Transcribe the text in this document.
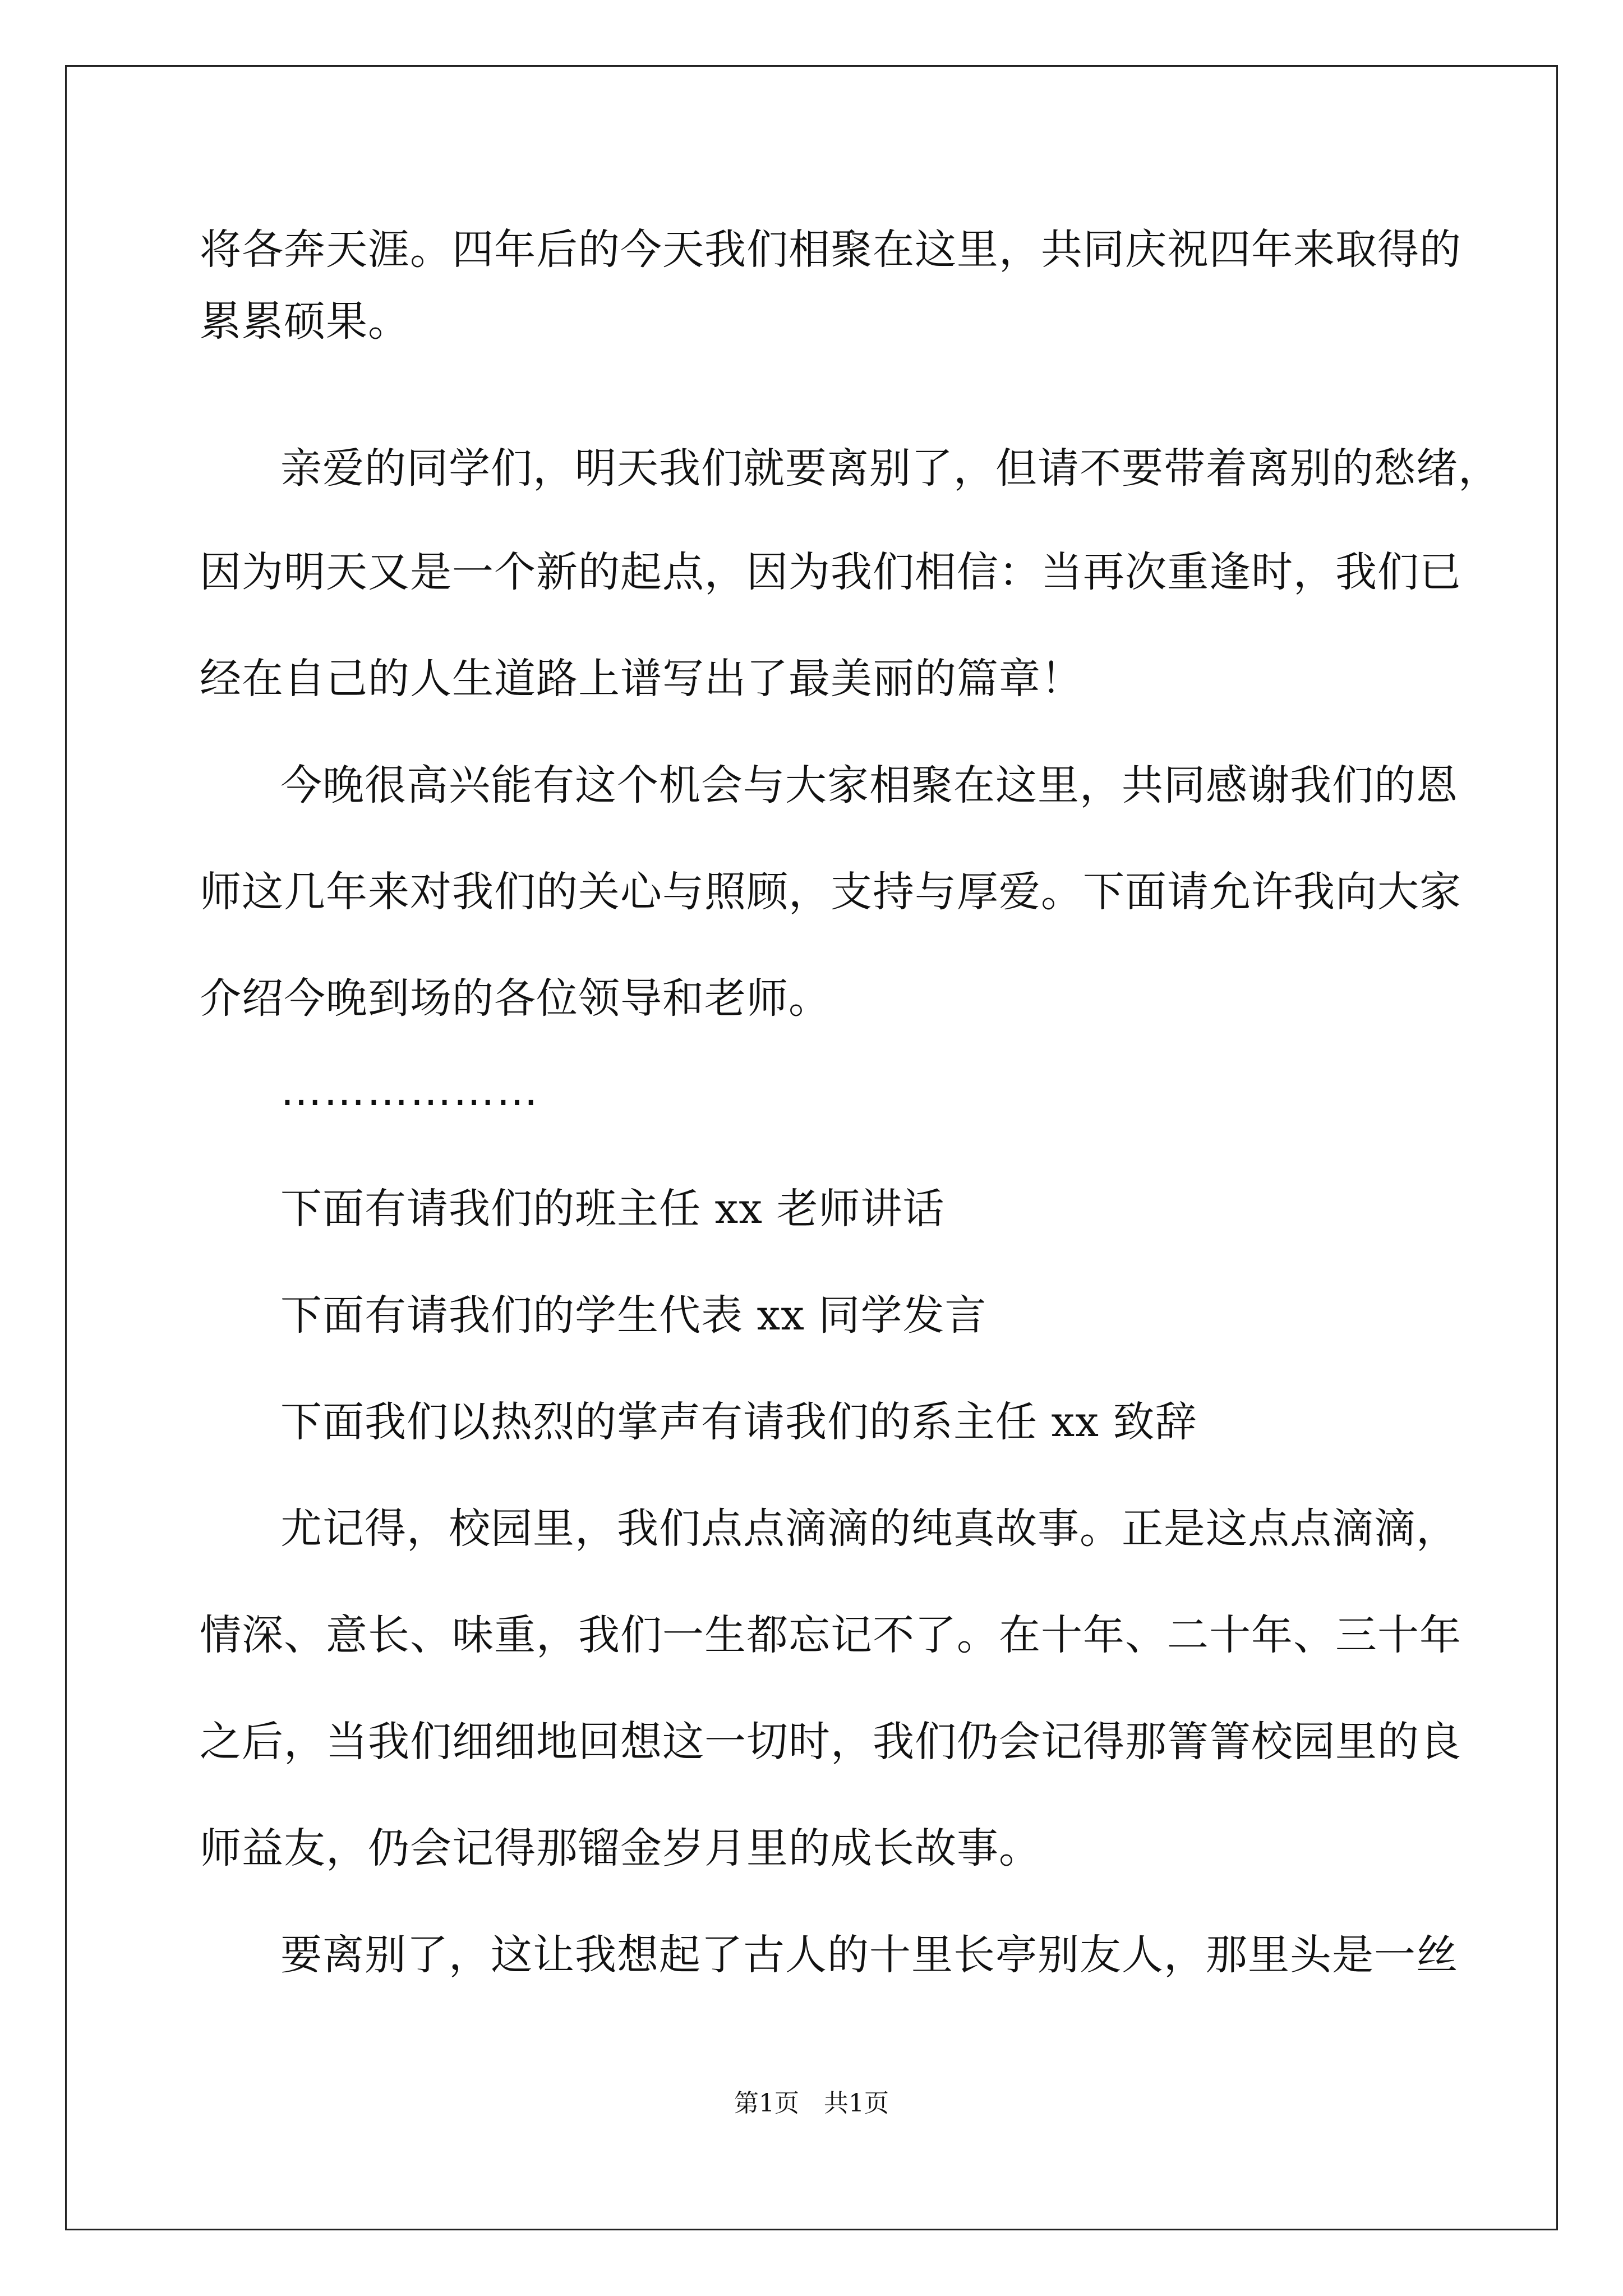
将各奔天涯。四年后的今天我们相聚在这里，共同庆祝四年来取得的
累累硕果。
亲爱的同学们，明天我们就要离别了，但请不要带着离别的愁绪，
因为明天又是一个新的起点，因为我们相信：当再次重逢时，我们已
经在自己的人生道路上谱写出了最美丽的篇章！
今晚很高兴能有这个机会与大家相聚在这里，共同感谢我们的恩
师这几年来对我们的关心与照顾，支持与厚爱。下面请允许我向大家
介绍今晚到场的各位领导和老师。
………………
下面有请我们的班主任 xx 老师讲话
下面有请我们的学生代表 xx 同学发言
下面我们以热烈的掌声有请我们的系主任 xx 致辞
尤记得，校园里，我们点点滴滴的纯真故事。正是这点点滴滴，
情深、意长、味重，我们一生都忘记不了。在十年、二十年、三十年
之后，当我们细细地回想这一切时，我们仍会记得那箐箐校园里的良
师益友，仍会记得那镏金岁月里的成长故事。
要离别了，这让我想起了古人的十里长亭别友人，那里头是一丝
第1页　共1页
